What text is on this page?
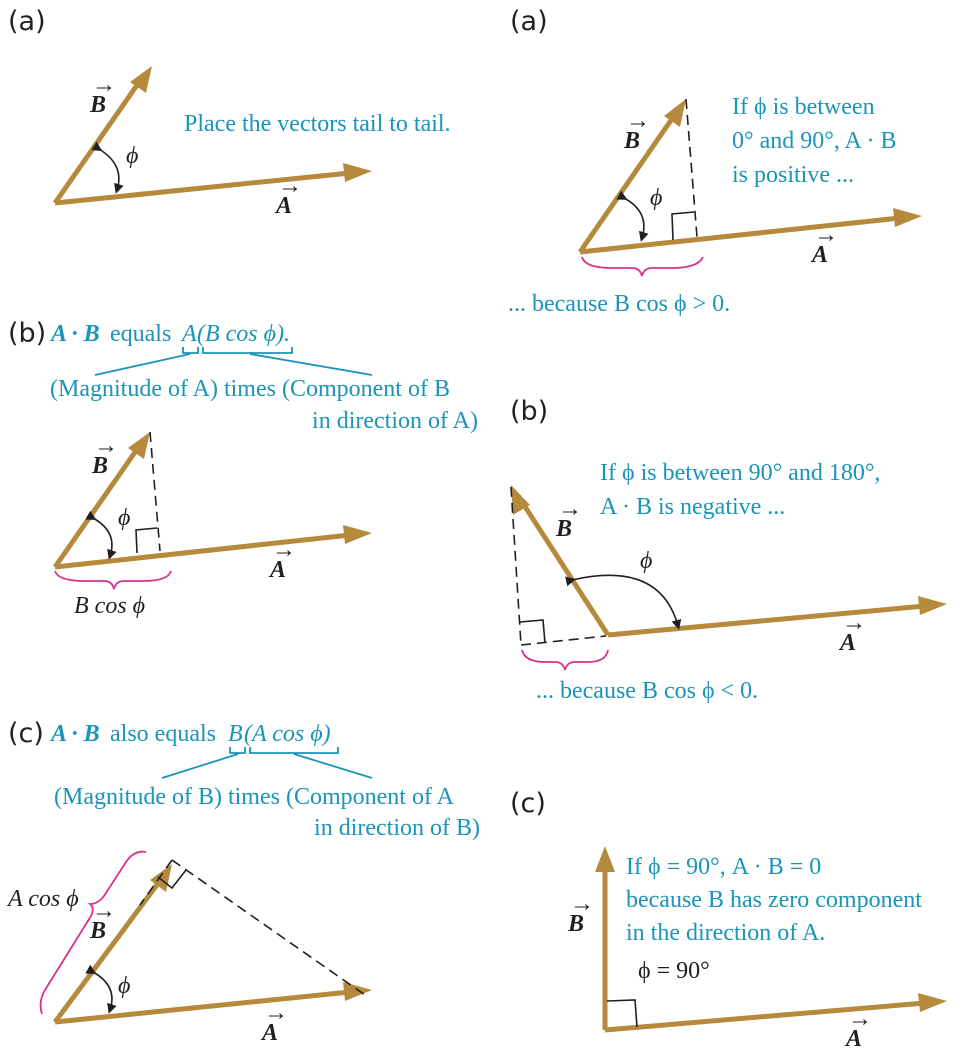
(a)
ϕ
B
→
A
→
Place the vectors tail to tail.
(b) A · B equals A (B cos ϕ).
(Magnitude of A) times (Component of B
in direction of A)
ϕ
B
→
A
→
B cos ϕ
(c) A · B also equals B (A cos ϕ)
(Magnitude of B) times (Component of A
in direction of B)
ϕ
B
→
A
→
A cos ϕ
(a)
If ϕ is between
0° and 90°, A · B
is positive ...
ϕ
B
→
A
→
... because B cos ϕ > 0.
(b)
If ϕ is between 90° and 180°,
A · B is negative ...
ϕ
B
→
A
→
... because B cos ϕ < 0.
(c)
If ϕ = 90°, A · B = 0
because B has zero component
in the direction of A.
ϕ = 90°
B
→
A
→
